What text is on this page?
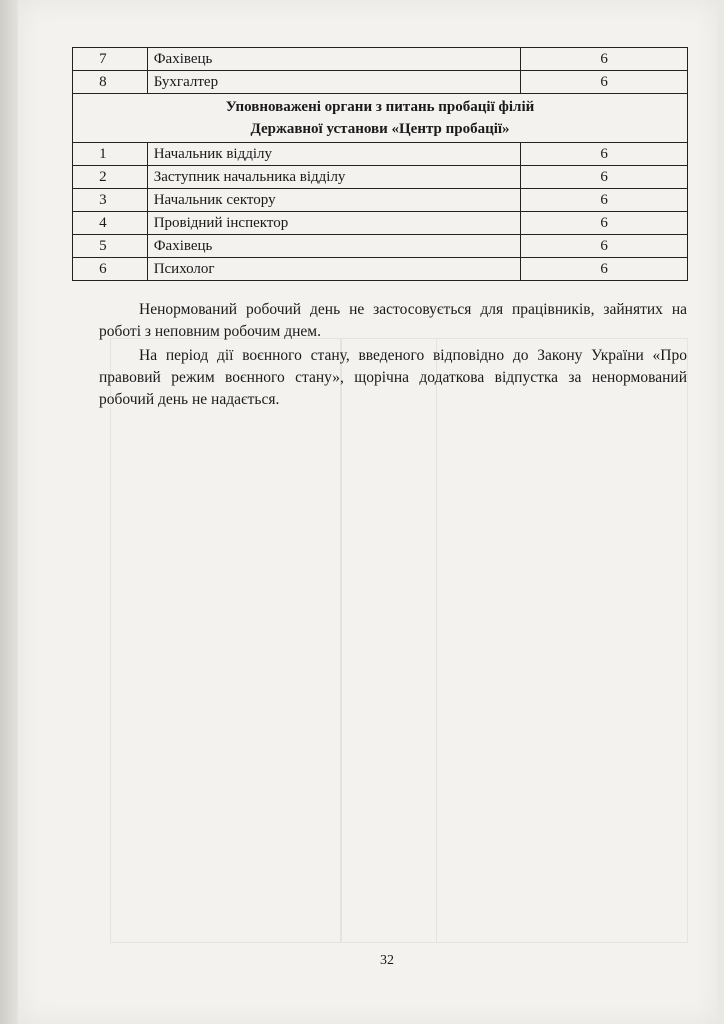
7	Фахівець	6
8	Бухгалтер	6
Уповноважені органи з питань пробації філій
Державної установи «Центр пробації»		
1	Начальник відділу	6
2	Заступник начальника відділу	6
3	Начальник сектору	6
4	Провідний інспектор	6
5	Фахівець	6
6	Психолог	6

Ненормований робочий день не застосовується для працівників, зайнятих на роботі з неповним робочим днем.

На період дії воєнного стану, введеного відповідно до Закону України «Про правовий режим воєнного стану», щорічна додаткова відпустка за ненормований робочий день не надається.

32
